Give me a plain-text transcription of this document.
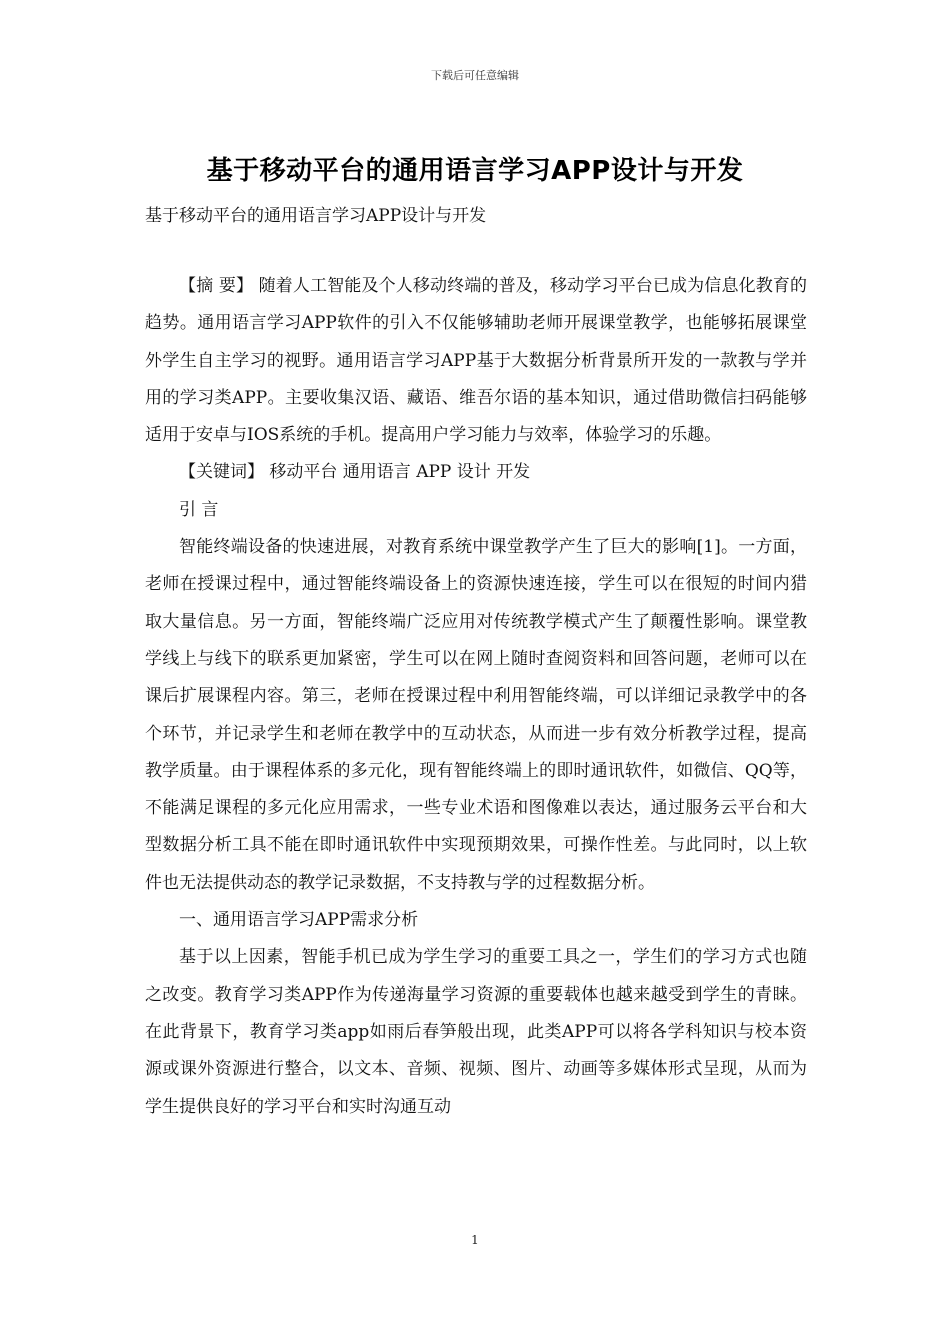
下载后可任意编辑
基于移动平台的通用语言学习APP设计与开发
基于移动平台的通用语言学习APP设计与开发

【摘 要】 随着人工智能及个人移动终端的普及，移动学习平台已成为信息化教育的趋势。通用语言学习APP软件的引入不仅能够辅助老师开展课堂教学，也能够拓展课堂外学生自主学习的视野。通用语言学习APP基于大数据分析背景所开发的一款教与学并用的学习类APP。主要收集汉语、藏语、维吾尔语的基本知识，通过借助微信扫码能够适用于安卓与IOS系统的手机。提高用户学习能力与效率，体验学习的乐趣。

【关键词】 移动平台 通用语言 APP 设计 开发

引 言

智能终端设备的快速进展，对教育系统中课堂教学产生了巨大的影响[1]。一方面，老师在授课过程中，通过智能终端设备上的资源快速连接，学生可以在很短的时间内猎取大量信息。另一方面，智能终端广泛应用对传统教学模式产生了颠覆性影响。课堂教学线上与线下的联系更加紧密，学生可以在网上随时查阅资料和回答问题，老师可以在课后扩展课程内容。第三，老师在授课过程中利用智能终端，可以详细记录教学中的各个环节，并记录学生和老师在教学中的互动状态，从而进一步有效分析教学过程，提高教学质量。由于课程体系的多元化，现有智能终端上的即时通讯软件，如微信、QQ等，不能满足课程的多元化应用需求，一些专业术语和图像难以表达，通过服务云平台和大型数据分析工具不能在即时通讯软件中实现预期效果，可操作性差。与此同时，以上软件也无法提供动态的教学记录数据，不支持教与学的过程数据分析。

一、通用语言学习APP需求分析

基于以上因素，智能手机已成为学生学习的重要工具之一，学生们的学习方式也随之改变。教育学习类APP作为传递海量学习资源的重要载体也越来越受到学生的青睐。在此背景下，教育学习类app如雨后春笋般出现，此类APP可以将各学科知识与校本资源或课外资源进行整合，以文本、音频、视频、图片、动画等多媒体形式呈现，从而为学生提供良好的学习平台和实时沟通互动

1
